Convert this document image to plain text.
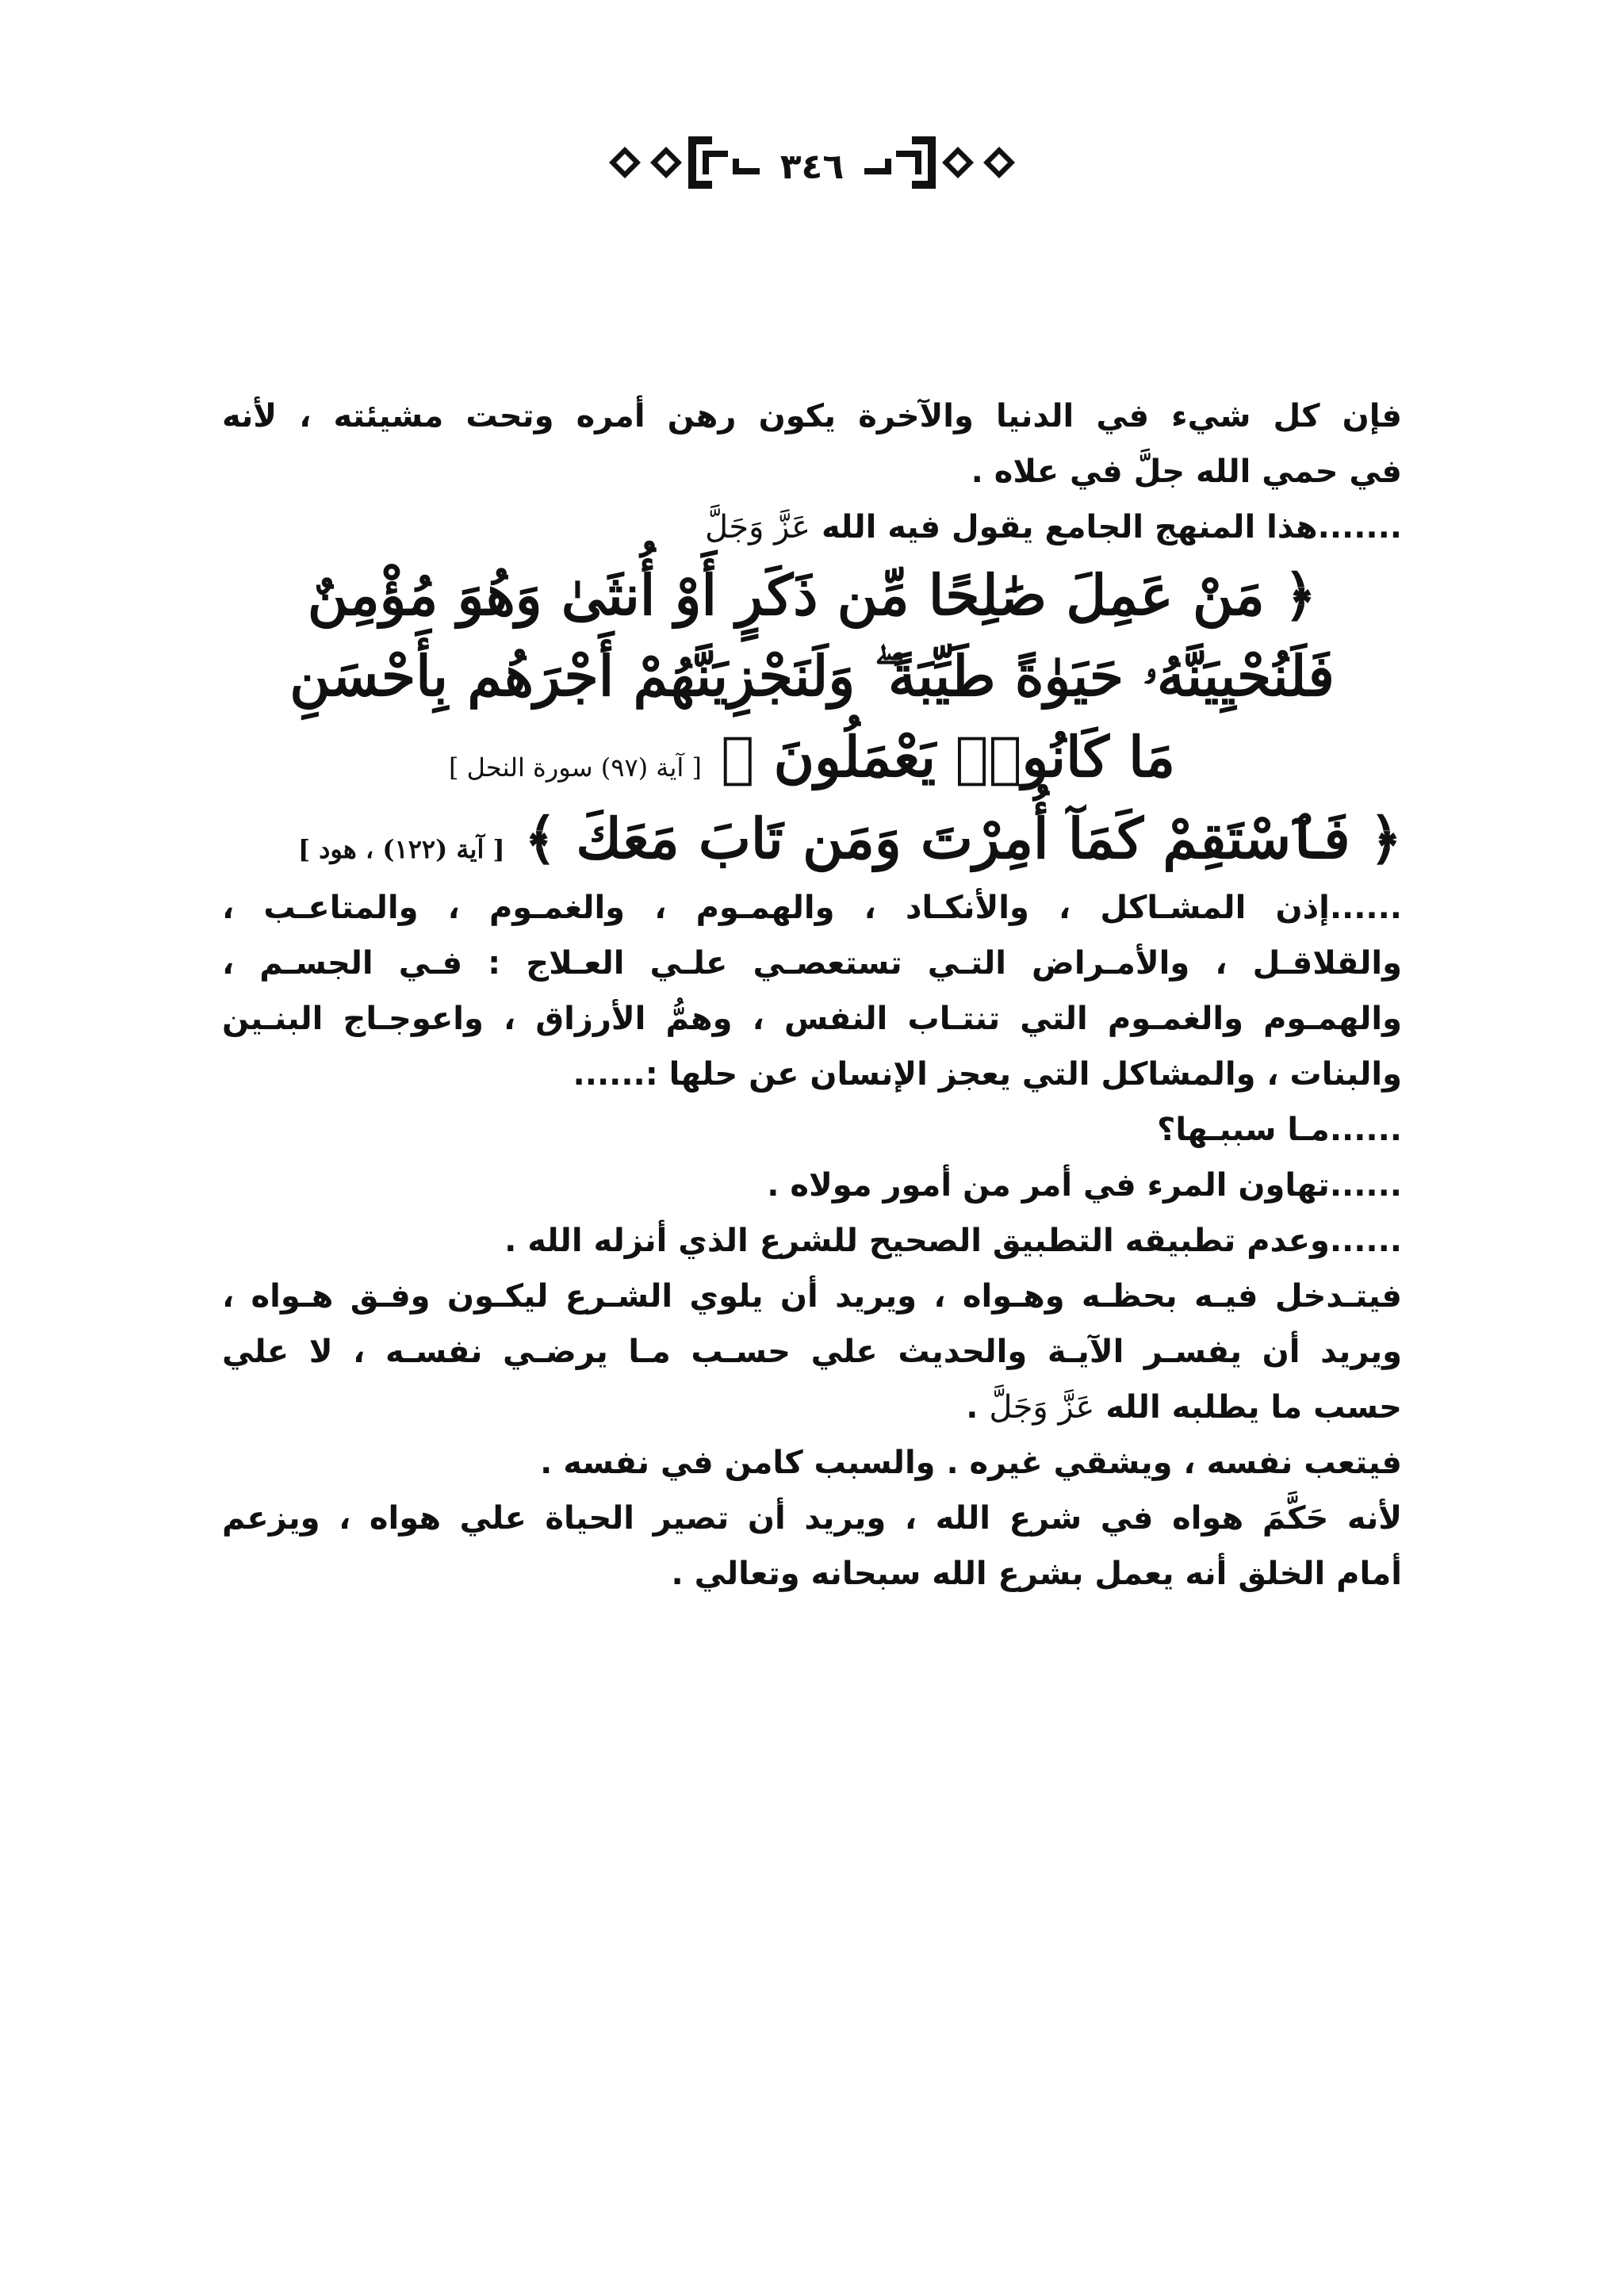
٣٤٦
فإن كل شيء في الدنيا والآخرة يكون رهن أمره وتحت مشيئته ، لأنه
في حمي الله جلَّ في علاه .
.......هذا المنهج الجامع يقول فيه الله عَزَّ وَجَلَّ
﴿ مَنْ عَمِلَ صَٰلِحًا مِّن ذَكَرٍ أَوْ أُنثَىٰ وَهُوَ مُؤْمِنٌ
فَلَنُحْيِيَنَّهُۥ حَيَوٰةً طَيِّبَةً ۖ وَلَنَجْزِيَنَّهُمْ أَجْرَهُم بِأَحْسَنِ
مَا كَانُوا۟ يَعْمَلُونَ ﴾ [ آية (٩٧) سورة النحل ]
﴿ فَٱسْتَقِمْ كَمَآ أُمِرْتَ وَمَن تَابَ مَعَكَ ﴾ [ آية (١٢٢) ، هود ]
......إذن المشـاكل ، والأنكـاد ، والهمـوم ، والغمـوم ، والمتاعـب ،
والقلاقـل ، والأمـراض التـي تستعصـي علـي العـلاج : فـي الجسـم ،
والهمـوم والغمـوم التي تنتـاب النفس ، وهمُّ الأرزاق ، واعوجـاج البنـين
والبنات ، والمشاكل التي يعجز الإنسان عن حلها :......
......مـا سببـها؟
......تهاون المرء في أمر من أمور مولاه .
......وعدم تطبيقه التطبيق الصحيح للشرع الذي أنزله الله .
فيتـدخل فيـه بحظـه وهـواه ، ويريد أن يلوي الشـرع ليكـون وفـق هـواه ،
ويريد أن يفسـر الآيـة والحديث علي حسـب مـا يرضـي نفسـه ، لا علي
حسب ما يطلبه الله عَزَّ وَجَلَّ .
فيتعب نفسه ، ويشقي غيره . والسبب كامن في نفسه .
لأنه حَكَّمَ هواه في شرع الله ، ويريد أن تصير الحياة علي هواه ، ويزعم
أمام الخلق أنه يعمل بشرع الله سبحانه وتعالي .
